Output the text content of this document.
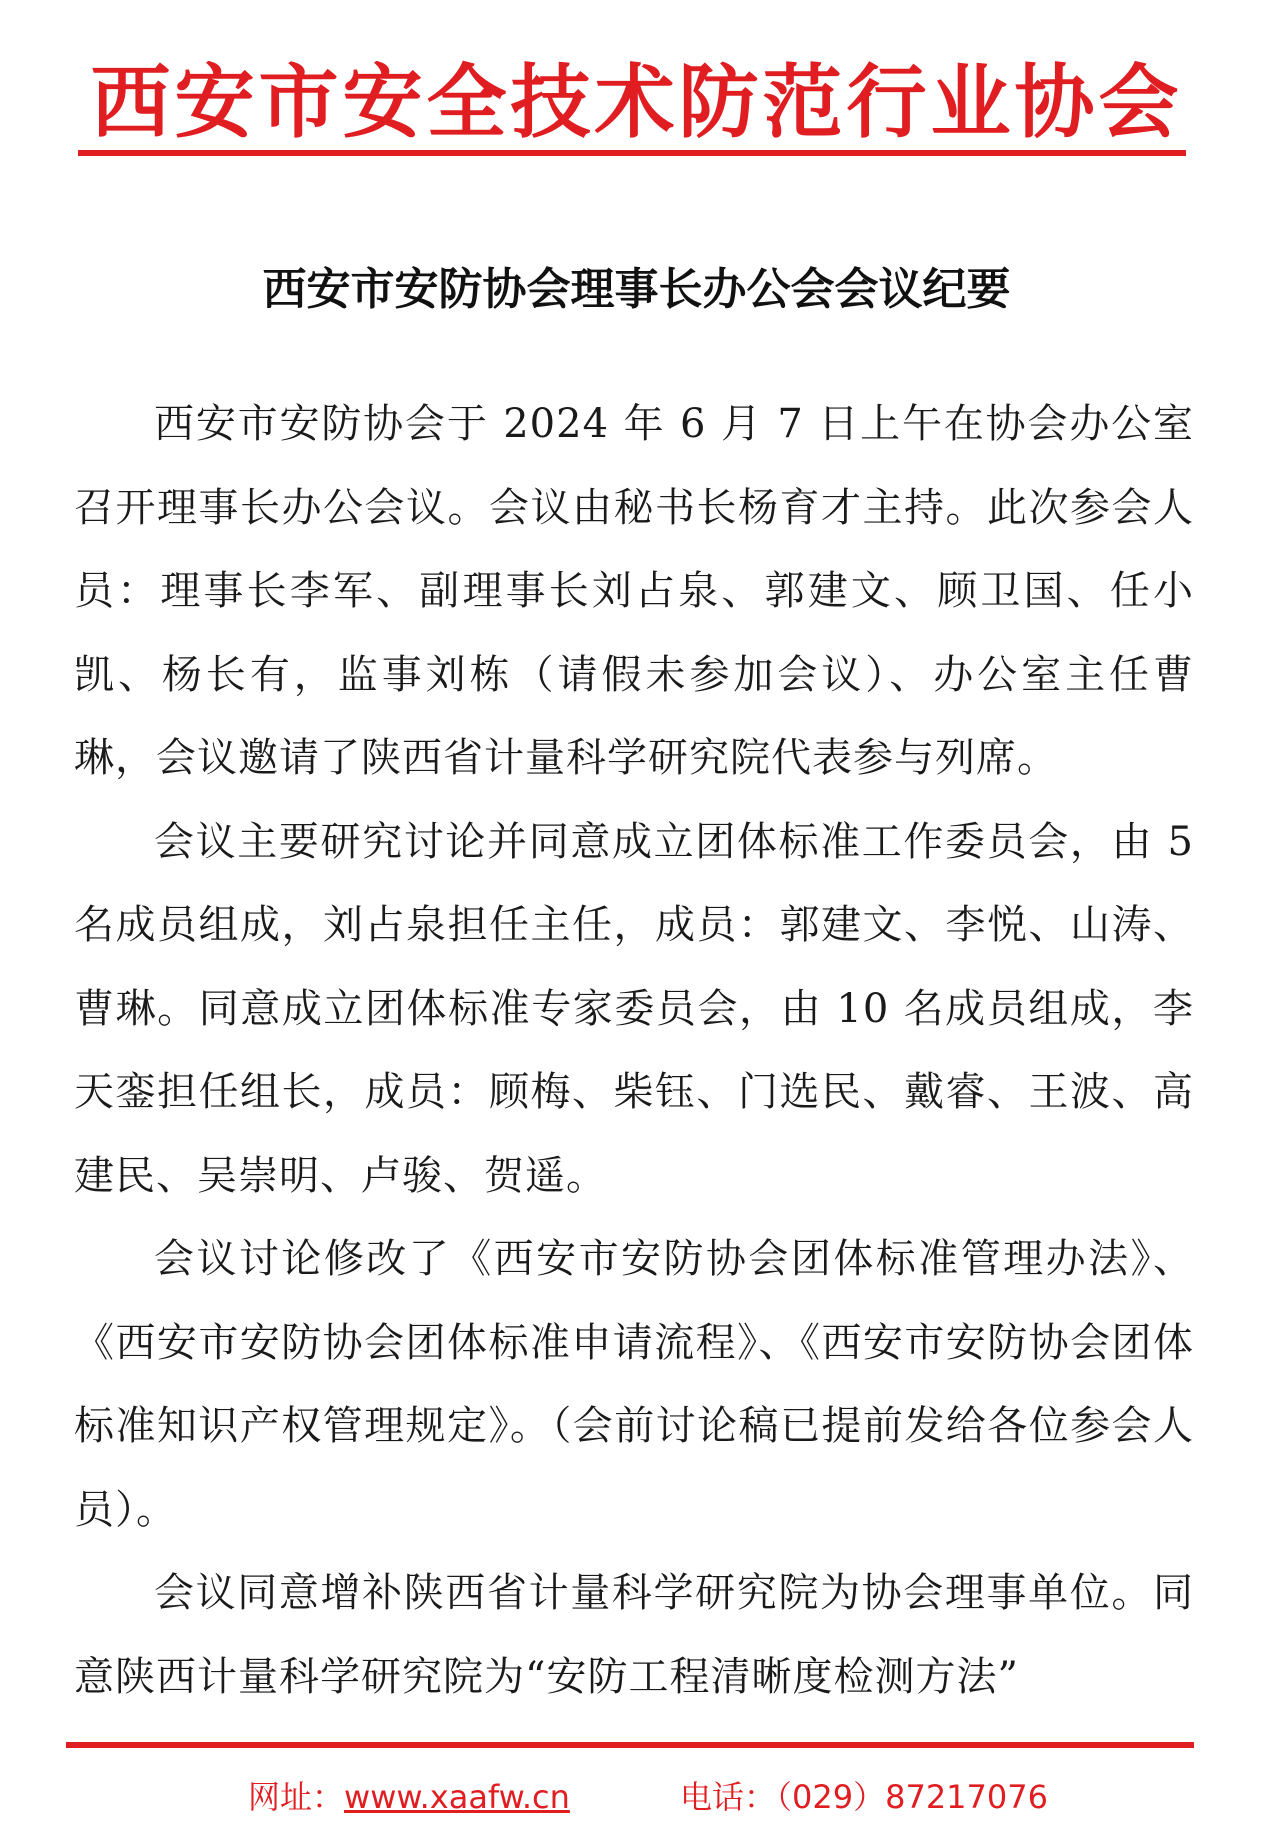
西安市安全技术防范行业协会
西安市安防协会理事长办公会会议纪要

西安市安防协会于 2024 年 6 月 7 日上午在协会办公室召开理事长办公会议。会议由秘书长杨育才主持。此次参会人员：理事长李军、副理事长刘占泉、郭建文、顾卫国、任小凯、杨长有，监事刘栋（请假未参加会议）、办公室主任曹琳，会议邀请了陕西省计量科学研究院代表参与列席。

会议主要研究讨论并同意成立团体标准工作委员会，由 5 名成员组成，刘占泉担任主任，成员：郭建文、李悦、山涛、曹琳。同意成立团体标准专家委员会，由 10 名成员组成，李天銮担任组长，成员：顾梅、柴钰、门选民、戴睿、王波、高建民、吴崇明、卢骏、贺遥。

会议讨论修改了《西安市安防协会团体标准管理办法》、《西安市安防协会团体标准申请流程》、《西安市安防协会团体标准知识产权管理规定》。（会前讨论稿已提前发给各位参会人员）。

会议同意增补陕西省计量科学研究院为协会理事单位。同意陕西计量科学研究院为“安防工程清晰度检测方法”

网址：www.xaafw.cn	电话：（029）87217076
